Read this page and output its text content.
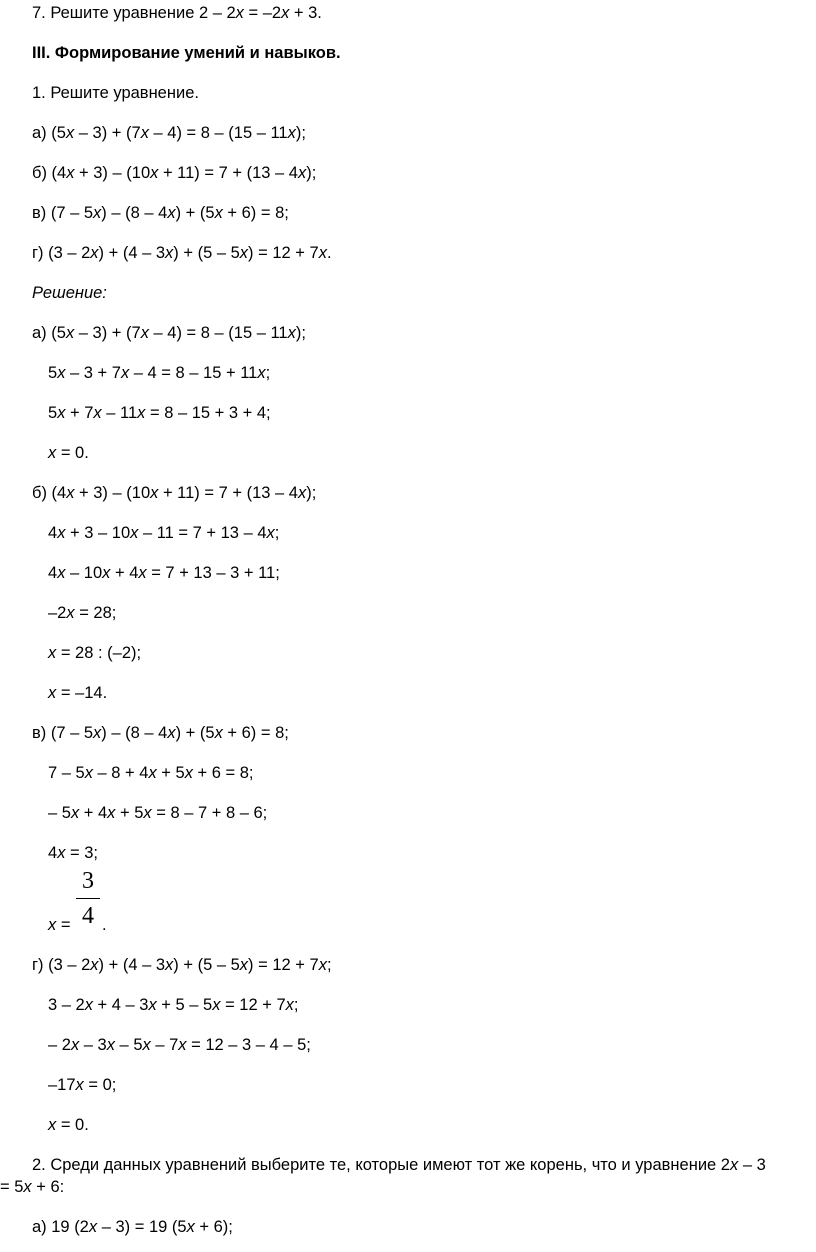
7. Решите уравнение 2 – 2x = –2x + 3.
III. Формирование умений и навыков.
1. Решите уравнение.
а) (5x – 3) + (7x – 4) = 8 – (15 – 11x);
б) (4x + 3) – (10x + 11) = 7 + (13 – 4x);
в) (7 – 5x) – (8 – 4x) + (5x + 6) = 8;
г) (3 – 2x) + (4 – 3x) + (5 – 5x) = 12 + 7x.
Решение:
а) (5x – 3) + (7x – 4) = 8 – (15 – 11x);
5x – 3 + 7x – 4 = 8 – 15 + 11x;
5x + 7x – 11x = 8 – 15 + 3 + 4;
x = 0.
б) (4x + 3) – (10x + 11) = 7 + (13 – 4x);
4x + 3 – 10x – 11 = 7 + 13 – 4x;
4x – 10x + 4x = 7 + 13 – 3 + 11;
–2x = 28;
x = 28 : (–2);
x = –14.
в) (7 – 5x) – (8 – 4x) + (5x + 6) = 8;
7 – 5x – 8 + 4x + 5x + 6 = 8;
– 5x + 4x + 5x = 8 – 7 + 8 – 6;
4x = 3;
x =
3
4 .
г) (3 – 2x) + (4 – 3x) + (5 – 5x) = 12 + 7x;
3 – 2x + 4 – 3x + 5 – 5x = 12 + 7x;
– 2x – 3x – 5x – 7x = 12 – 3 – 4 – 5;
–17x = 0;
x = 0.
2. Среди данных уравнений выберите те, которые имеют тот же корень, что и уравнение 2x – 3
= 5x + 6:
а) 19 (2x – 3) = 19 (5x + 6);
